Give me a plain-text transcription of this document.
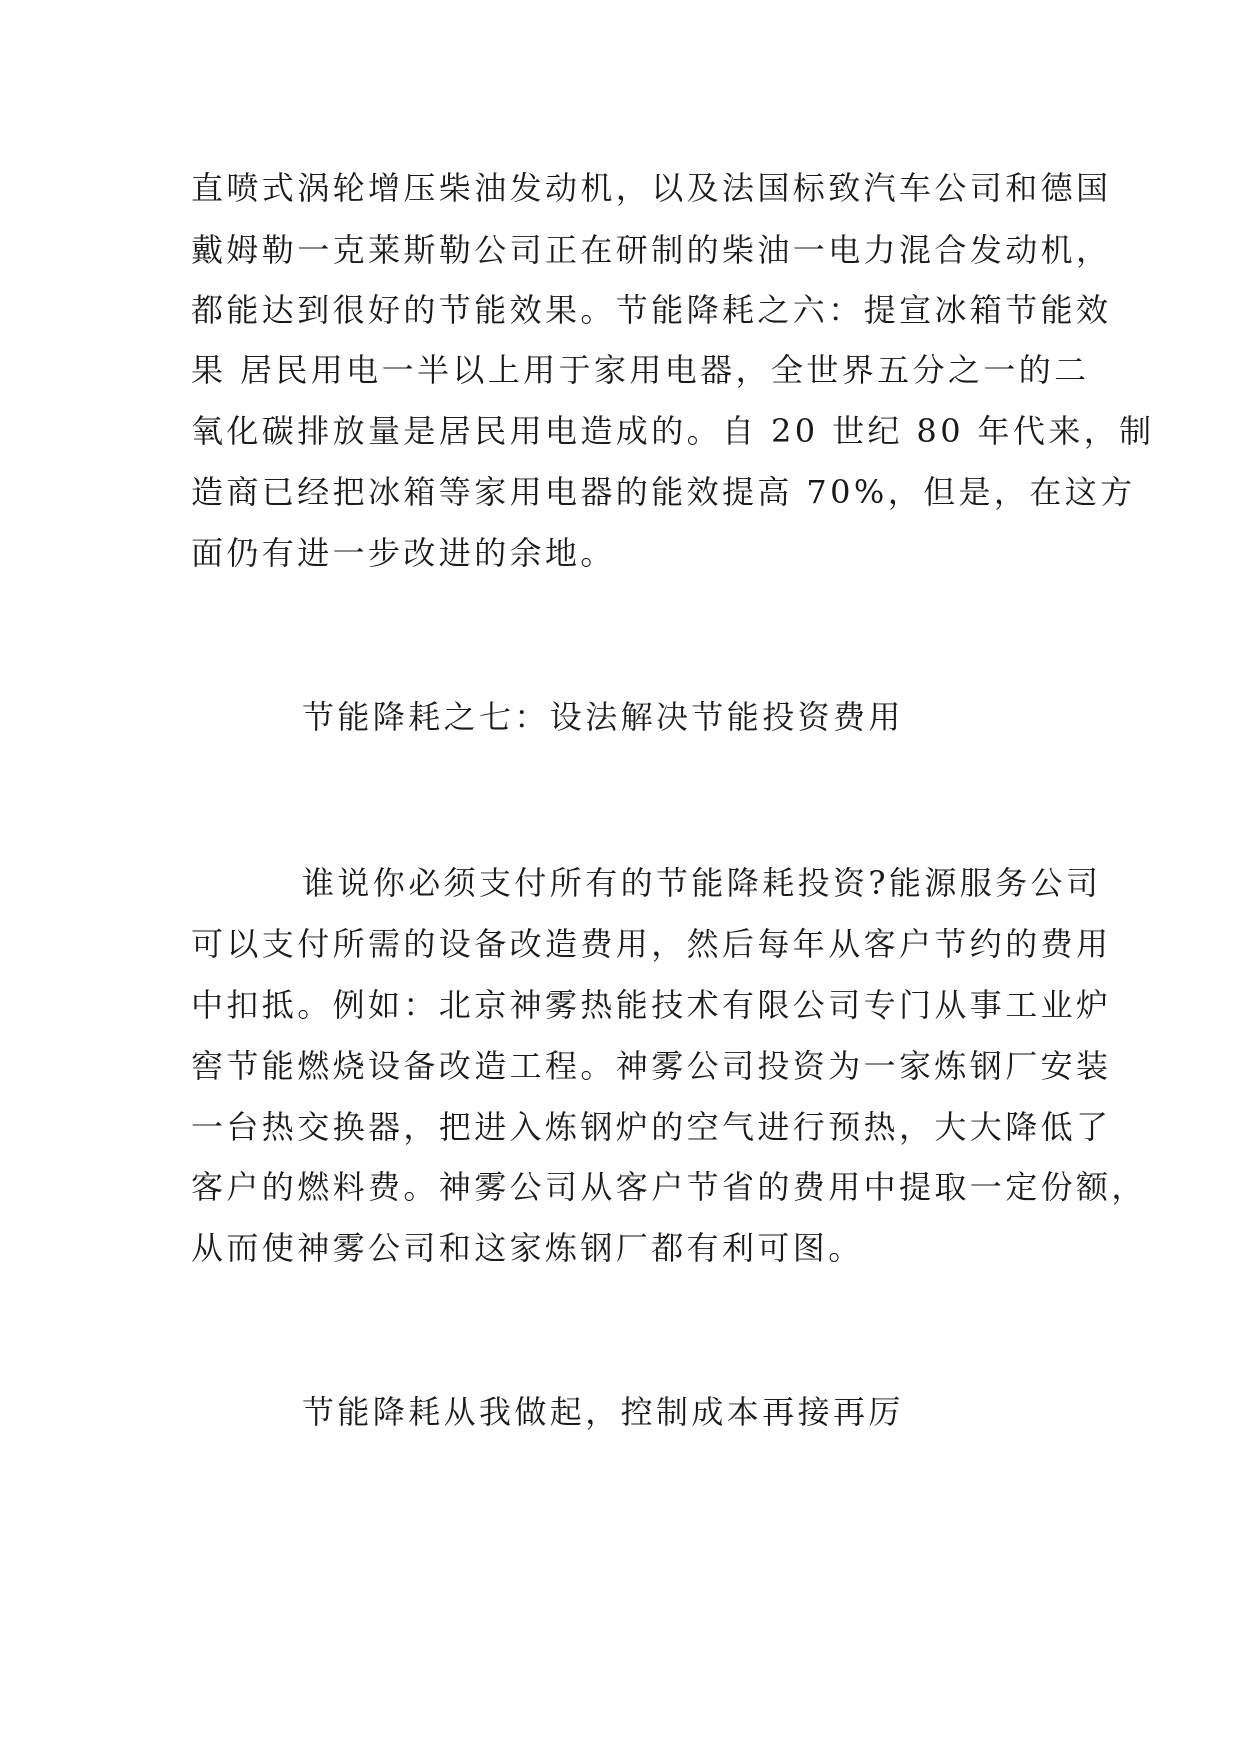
直喷式涡轮增压柴油发动机，以及法国标致汽车公司和德国
戴姆勒一克莱斯勒公司正在研制的柴油一电力混合发动机，
都能达到很好的节能效果。节能降耗之六：提宣冰箱节能效
果 居民用电一半以上用于家用电器，全世界五分之一的二
氧化碳排放量是居民用电造成的。自 20 世纪 80 年代来，制
造商已经把冰箱等家用电器的能效提高 70%，但是，在这方
面仍有进一步改进的余地。
节能降耗之七：设法解决节能投资费用
谁说你必须支付所有的节能降耗投资?能源服务公司
可以支付所需的设备改造费用，然后每年从客户节约的费用
中扣抵。例如：北京神雾热能技术有限公司专门从事工业炉
窖节能燃烧设备改造工程。神雾公司投资为一家炼钢厂安装
一台热交换器，把进入炼钢炉的空气进行预热，大大降低了
客户的燃料费。神雾公司从客户节省的费用中提取一定份额，
从而使神雾公司和这家炼钢厂都有利可图。
节能降耗从我做起，控制成本再接再厉
